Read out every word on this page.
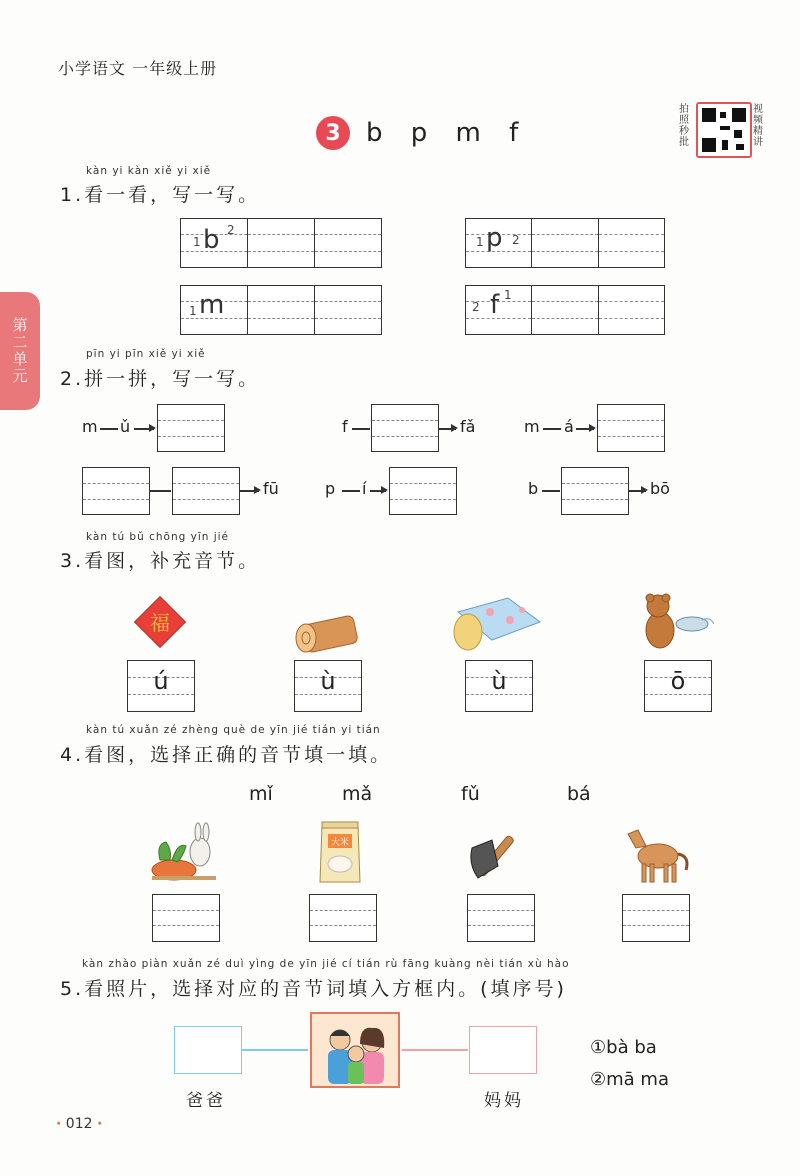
小学语文 一年级上册
第二单元
3 b p m f
拍照秒批
视频精讲
kàn yi kàn xiě yi xiě
1.看一看，写一写。
b
1
2	p
1 2
m
1	f
2
1
pīn yi pīn xiě yi xiě
2.拼一拼，写一写。
m ǔ	f	fǎ	m á
fū	p í	b	bō
kàn tú bǔ chōng yīn jié
3.看图，补充音节。
福
ú	ù	ù	ō
kàn tú xuǎn zé zhèng què de yīn jié tián yi tián
4.看图，选择正确的音节填一填。
mǐ	mǎ	fǔ	bá
大米
kàn zhào piàn xuǎn zé duì yìng de yīn jié cí tián rù fāng kuàng nèi tián xù hào
5.看照片，选择对应的音节词填入方框内。(填序号)
爸爸	妈妈
①bà ba
②mā ma
· 012 ·
